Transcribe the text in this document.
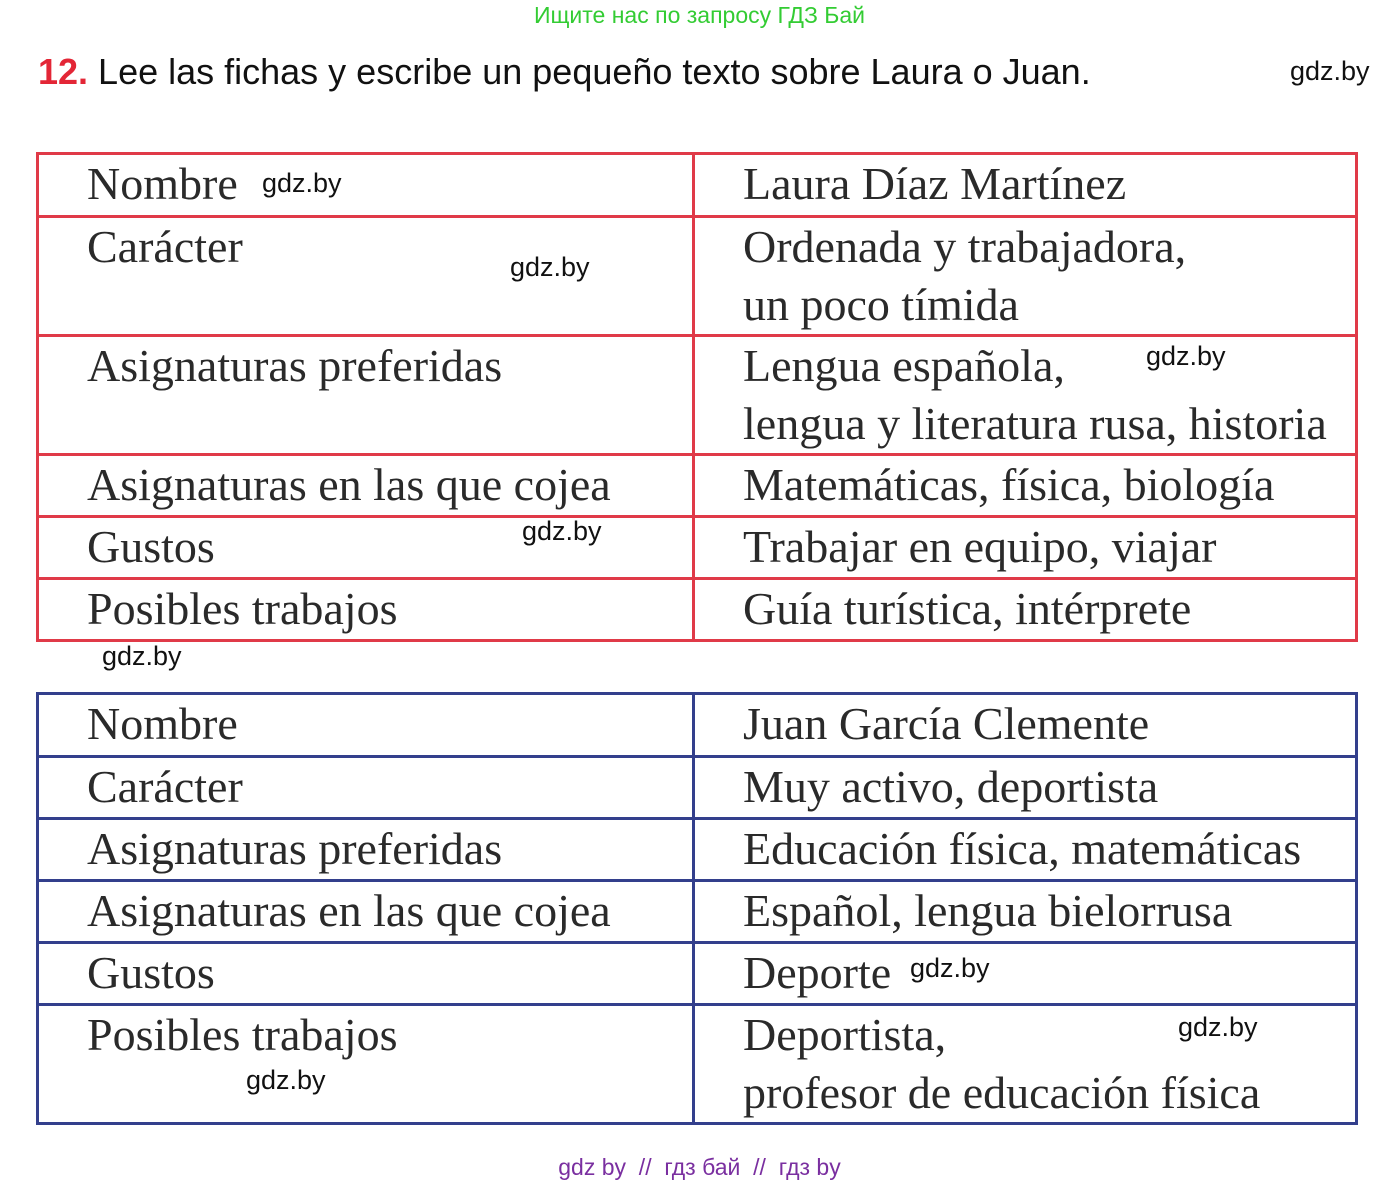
Ищите нас по запросу ГДЗ Бай
12. Lee las fichas y escribe un pequeño texto sobre Laura o Juan.	gdz.by
gdz.by
gdz.by
gdz.by
gdz.by
gdz.by
gdz.by
gdz.by
gdz.by
Nombre	Laura Díaz Martínez
Carácter	Ordenada y trabajadora,
un poco tímida

Asignaturas preferidas	Lengua española,
lengua y literatura rusa, historia

Asignaturas en las que cojea	Matemáticas, física, biología
Gustos	Trabajar en equipo, viajar
Posibles trabajos	Guía turística, intérprete
Nombre	Juan García Clemente
Carácter	Muy activo, deportista
Asignaturas preferidas	Educación física, matemáticas
Asignaturas en las que cojea	Español, lengua bielorrusa
Gustos	Deporte
Posibles trabajos	Deportista,
profesor de educación física
gdz by  //  гдз бай  //  гдз by
